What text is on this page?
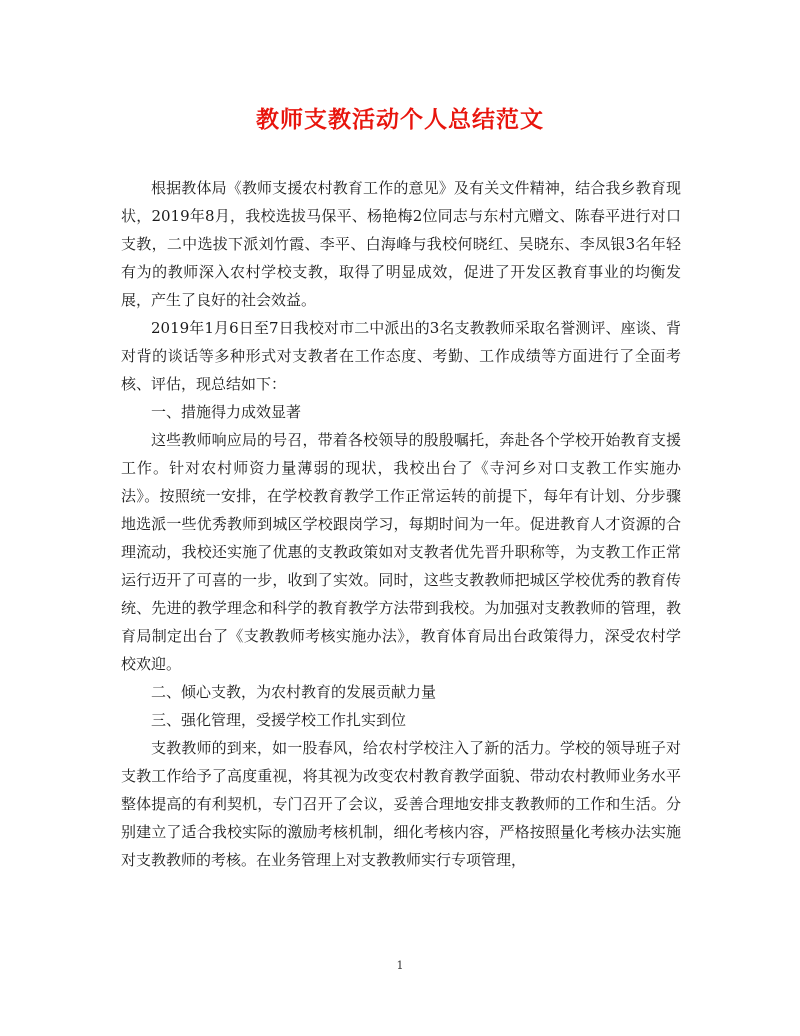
教师支教活动个人总结范文

根据教体局《教师支援农村教育工作的意见》及有关文件精神，结合我乡教育现状，2019年8月，我校选拔马保平、杨艳梅2位同志与东村亢赠文、陈春平进行对口支教，二中选拔下派刘竹霞、李平、白海峰与我校何晓红、吴晓东、李凤银3名年轻有为的教师深入农村学校支教，取得了明显成效，促进了开发区教育事业的均衡发展，产生了良好的社会效益。

2019年1月6日至7日我校对市二中派出的3名支教教师采取名誉测评、座谈、背对背的谈话等多种形式对支教者在工作态度、考勤、工作成绩等方面进行了全面考核、评估，现总结如下：

一、措施得力成效显著

这些教师响应局的号召，带着各校领导的殷殷嘱托，奔赴各个学校开始教育支援工作。针对农村师资力量薄弱的现状，我校出台了《寺河乡对口支教工作实施办法》。按照统一安排，在学校教育教学工作正常运转的前提下，每年有计划、分步骤地选派一些优秀教师到城区学校跟岗学习，每期时间为一年。促进教育人才资源的合理流动，我校还实施了优惠的支教政策如对支教者优先晋升职称等，为支教工作正常运行迈开了可喜的一步，收到了实效。同时，这些支教教师把城区学校优秀的教育传统、先进的教学理念和科学的教育教学方法带到我校。为加强对支教教师的管理，教育局制定出台了《支教教师考核实施办法》，教育体育局出台政策得力，深受农村学校欢迎。

二、倾心支教，为农村教育的发展贡献力量

三、强化管理，受援学校工作扎实到位

支教教师的到来，如一股春风，给农村学校注入了新的活力。学校的领导班子对支教工作给予了高度重视，将其视为改变农村教育教学面貌、带动农村教师业务水平整体提高的有利契机，专门召开了会议，妥善合理地安排支教教师的工作和生活。分别建立了适合我校实际的激励考核机制，细化考核内容，严格按照量化考核办法实施对支教教师的考核。在业务管理上对支教教师实行专项管理，

1
